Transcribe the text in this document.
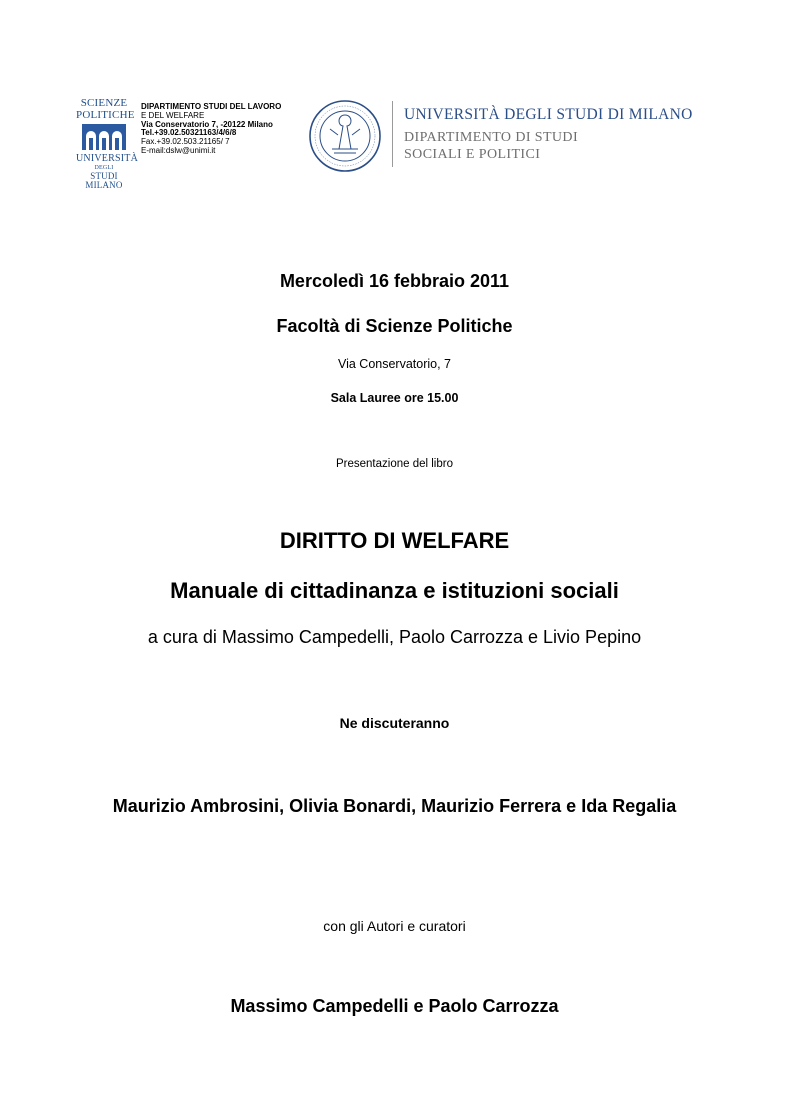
SCIENZE
POLITICHE
UNIVERSITÀ
DEGLI
STUDI MILANO
DIPARTIMENTO STUDI DEL LAVORO
E DEL WELFARE
Via Conservatorio 7, -20122 Milano
Tel.+39.02.50321163/4/6/8
Fax.+39.02.503.21165/ 7
E-mail:dslw@unimi.it
UNIVERSITÀ DEGLI STUDI DI MILANO
DIPARTIMENTO DI STUDI
SOCIALI E POLITICI
Mercoledì 16 febbraio 2011
Facoltà di Scienze Politiche
Via Conservatorio, 7
Sala Lauree ore 15.00
Presentazione del libro
DIRITTO DI WELFARE
Manuale di cittadinanza e istituzioni sociali
a cura di Massimo Campedelli, Paolo Carrozza e Livio Pepino
Ne discuteranno
Maurizio Ambrosini, Olivia Bonardi, Maurizio Ferrera e Ida Regalia
con gli Autori e curatori
Massimo Campedelli e Paolo Carrozza
